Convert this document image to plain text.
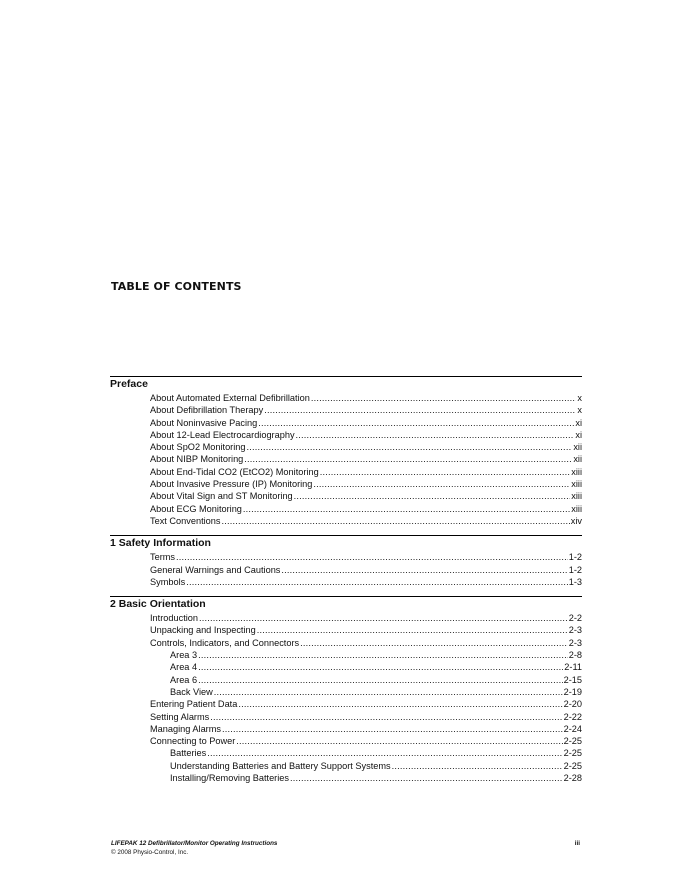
TABLE OF CONTENTS
Preface
About Automated External Defibrillation .....	x
About Defibrillation Therapy .....	x
About Noninvasive Pacing .....	xi
About 12-Lead Electrocardiography .....	xi
About SpO2 Monitoring .....	xii
About NIBP Monitoring .....	xii
About End-Tidal CO2 (EtCO2) Monitoring .....	xiii
About Invasive Pressure (IP) Monitoring .....	xiii
About Vital Sign and ST Monitoring .....	xiii
About ECG Monitoring .....	xiii
Text Conventions .....	xiv
1 Safety Information
Terms .....	1-2
General Warnings and Cautions .....	1-2
Symbols .....	1-3
2 Basic Orientation
Introduction .....	2-2
Unpacking and Inspecting .....	2-3
Controls, Indicators, and Connectors .....	2-3
Area 3 .....	2-8
Area 4 .....	2-11
Area 6 .....	2-15
Back View .....	2-19
Entering Patient Data .....	2-20
Setting Alarms .....	2-22
Managing Alarms .....	2-24
Connecting to Power .....	2-25
Batteries .....	2-25
Understanding Batteries and Battery Support Systems .....	2-25
Installing/Removing Batteries .....	2-28
LIFEPAK 12 Defibrillator/Monitor Operating Instructions
© 2008 Physio-Control, Inc.
iii
